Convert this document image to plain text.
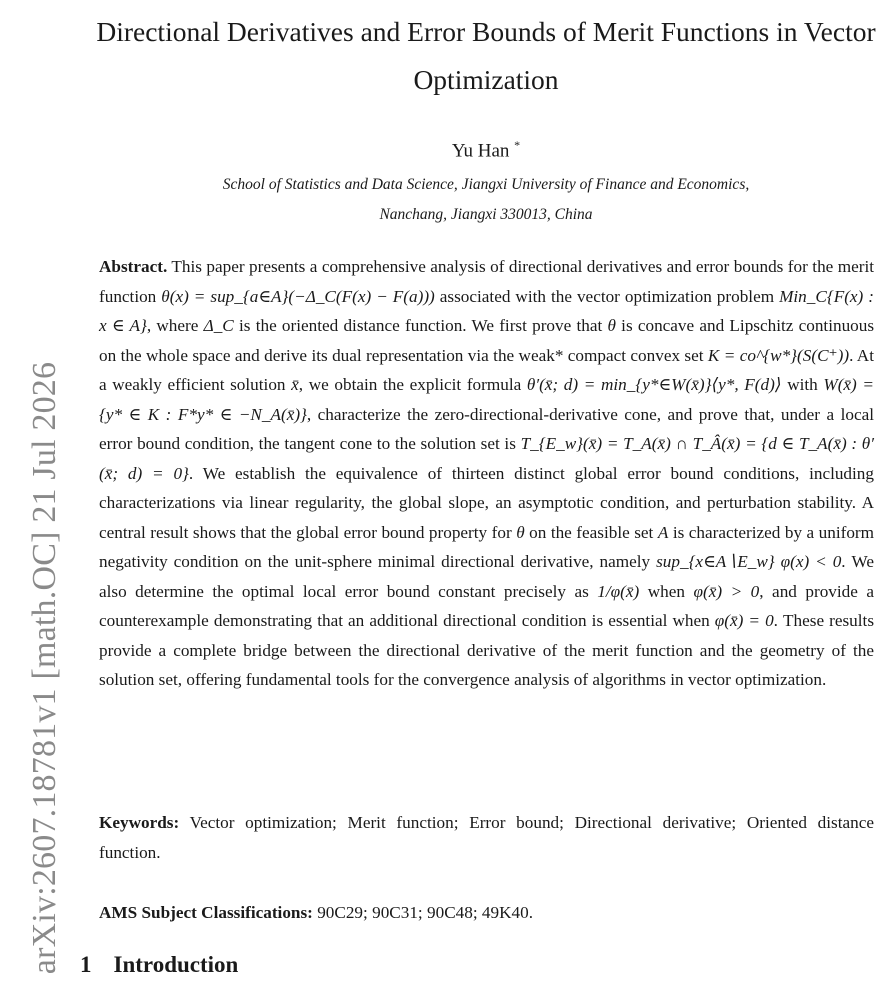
arXiv:2607.18781v1 [math.OC] 21 Jul 2026
Directional Derivatives and Error Bounds of Merit Functions in Vector Optimization
Yu Han *
School of Statistics and Data Science, Jiangxi University of Finance and Economics,
Nanchang, Jiangxi 330013, China

Abstract. This paper presents a comprehensive analysis of directional derivatives and error bounds for the merit function θ(x) = sup_{a∈A}(−Δ_C(F(x) − F(a))) associated with the vector optimization problem Min_C{F(x) : x ∈ A}, where Δ_C is the oriented distance function. We first prove that θ is concave and Lipschitz continuous on the whole space and derive its dual representation via the weak* compact convex set K = co^{w*}(S(C⁺)). At a weakly efficient solution x̄, we obtain the explicit formula θ′(x̄; d) = min_{y*∈W(x̄)}⟨y*, F(d)⟩ with W(x̄) = {y* ∈ K : F*y* ∈ −N_A(x̄)}, characterize the zero-directional-derivative cone, and prove that, under a local error bound condition, the tangent cone to the solution set is T_{E_w}(x̄) = T_A(x̄) ∩ T_Â(x̄) = {d ∈ T_A(x̄) : θ′(x̄; d) = 0}. We establish the equivalence of thirteen distinct global error bound conditions, including characterizations via linear regularity, the global slope, an asymptotic condition, and perturbation stability. A central result shows that the global error bound property for θ on the feasible set A is characterized by a uniform negativity condition on the unit-sphere minimal directional derivative, namely sup_{x∈A∖E_w} φ(x) < 0. We also determine the optimal local error bound constant precisely as 1/φ(x̄) when φ(x̄) > 0, and provide a counterexample demonstrating that an additional directional condition is essential when φ(x̄) = 0. These results provide a complete bridge between the directional derivative of the merit function and the geometry of the solution set, offering fundamental tools for the convergence analysis of algorithms in vector optimization.

Keywords: Vector optimization; Merit function; Error bound; Directional derivative; Oriented distance function.

AMS Subject Classifications: 90C29; 90C31; 90C48; 49K40.

1 Introduction
